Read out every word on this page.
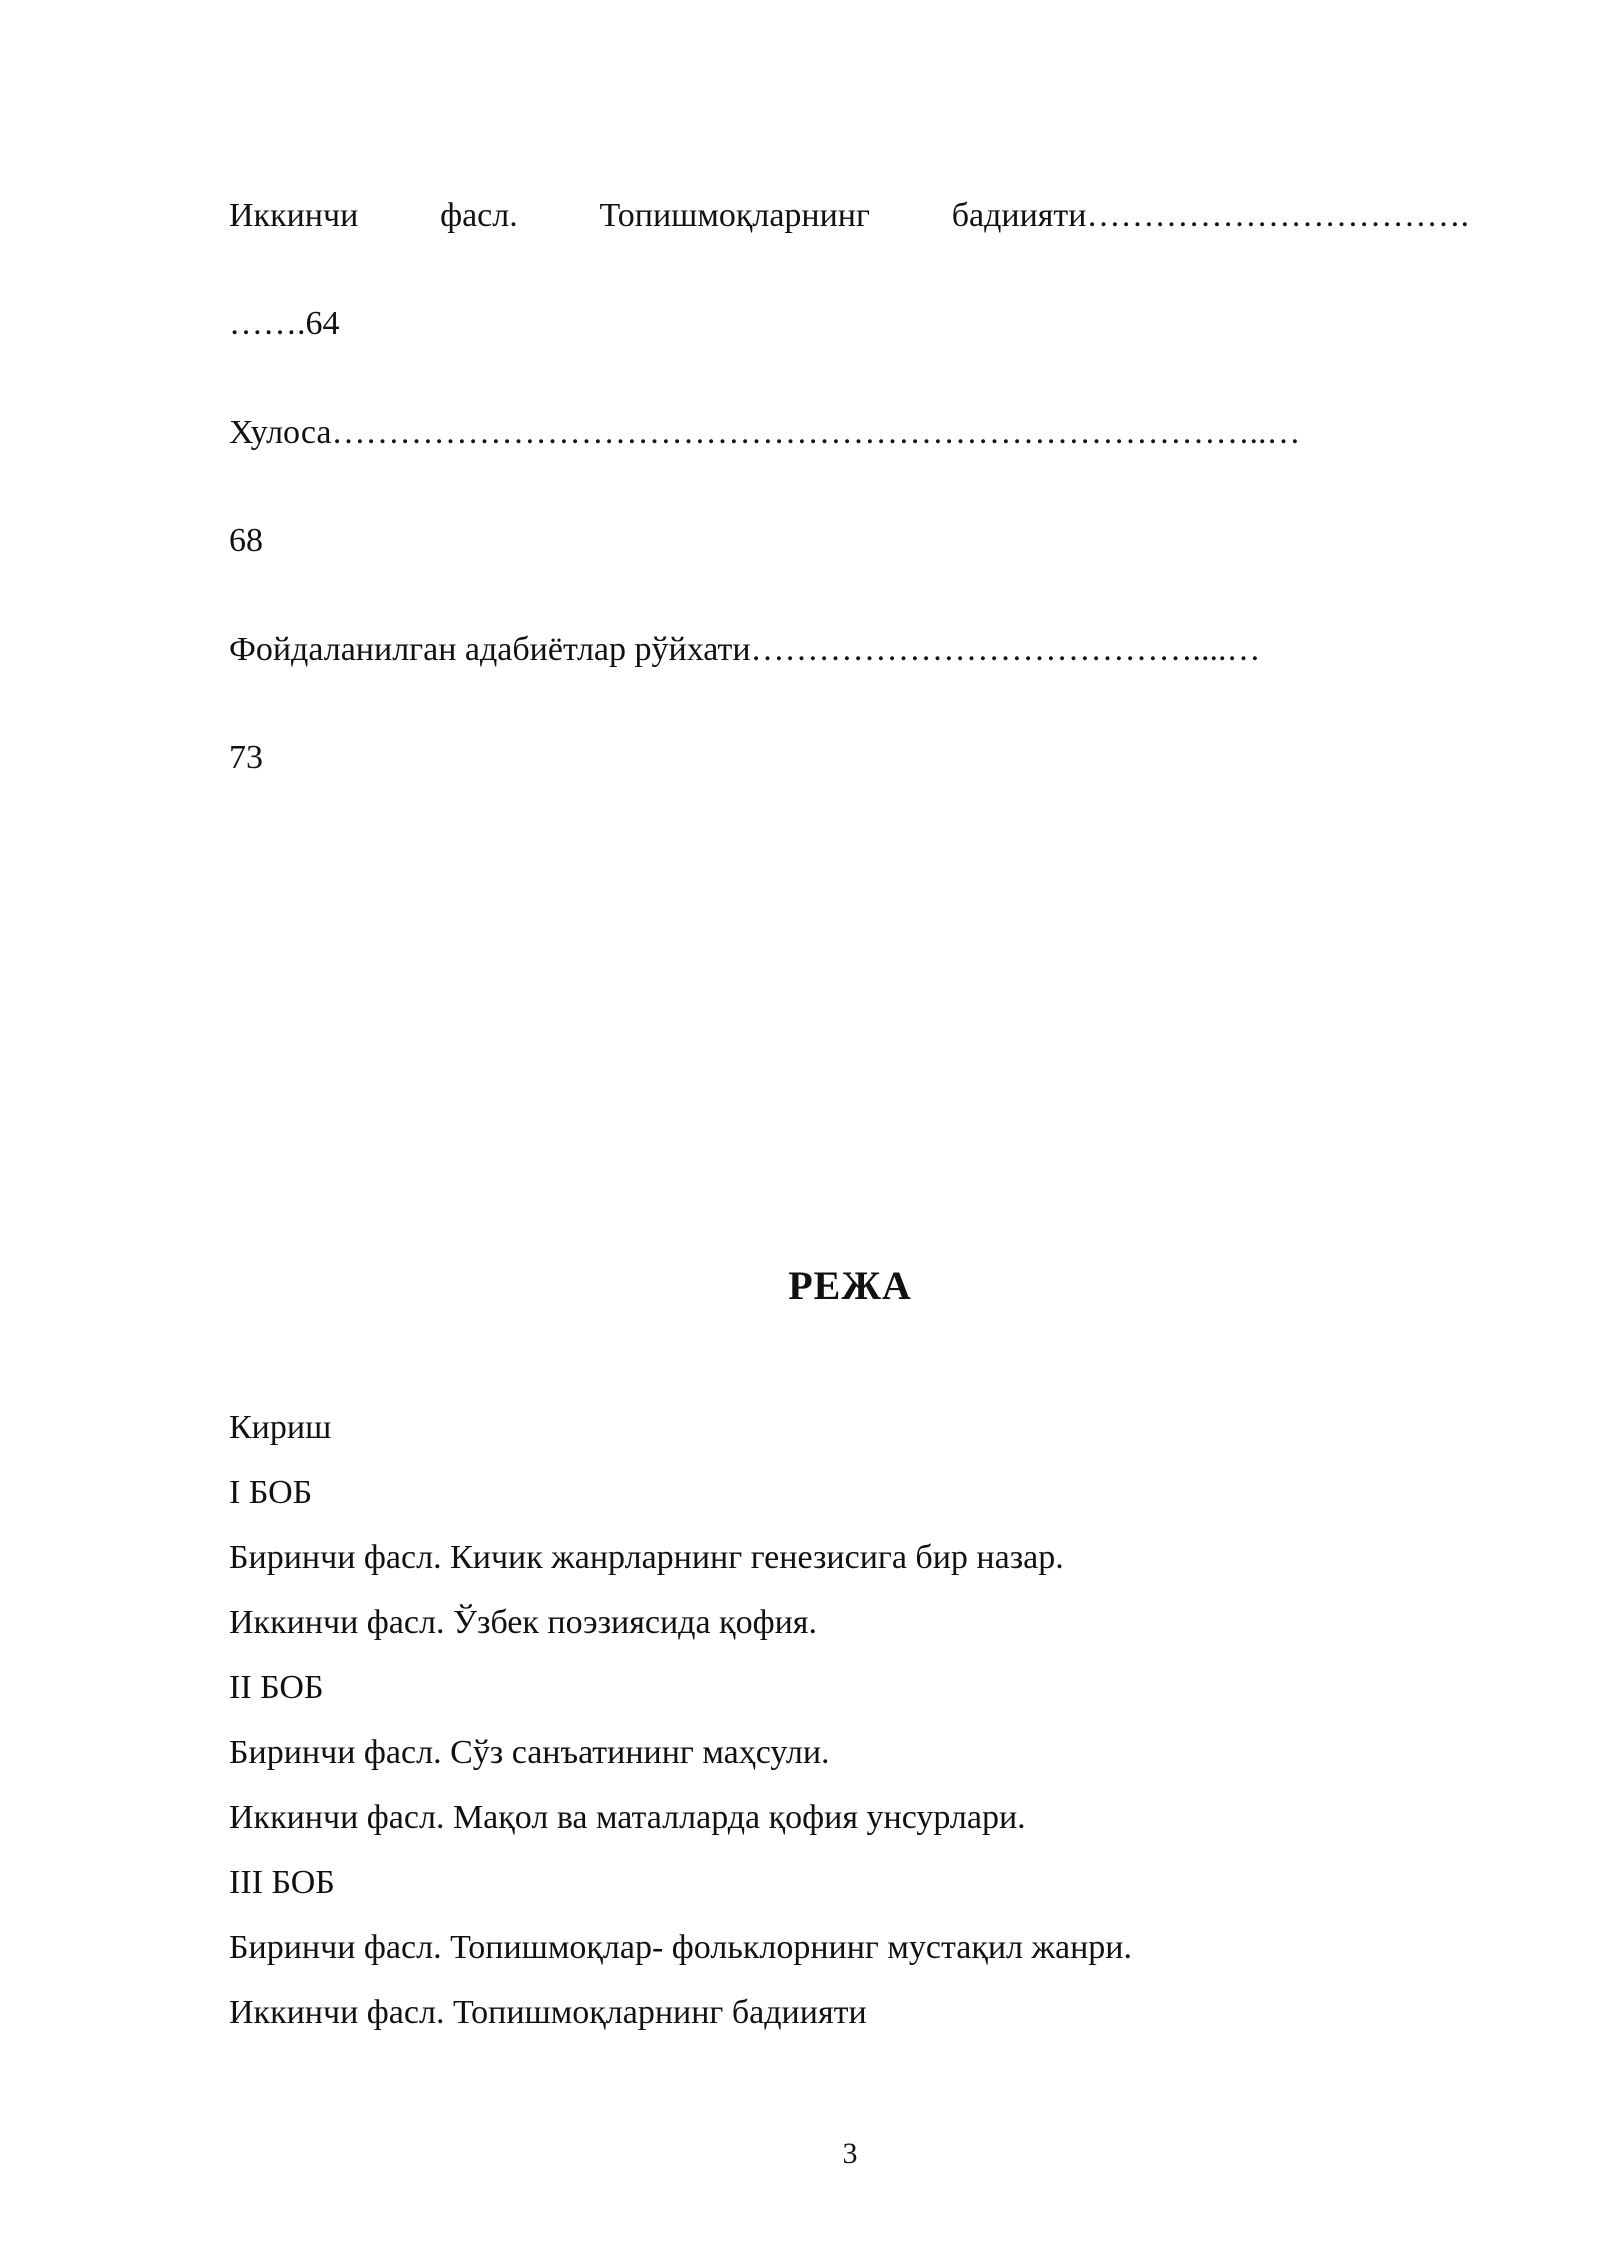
Иккинчи фасл. Топишмоқларнинг бадиияти…………………………….
…….64
Хулоса………………………………………………………………………..…
68
Фойдаланилган адабиётлар рўйхати…………………………………....…
73
РЕЖА
Кириш
I БОБ
Биринчи фасл. Кичик жанрларнинг генезисига бир назар.
Иккинчи фасл. Ўзбек поэзиясида қофия.
II БОБ
Биринчи фасл. Сўз санъатининг маҳсули.
Иккинчи фасл. Мақол ва маталларда қофия унсурлари.
III БОБ
Биринчи фасл. Топишмоқлар- фольклорнинг мустақил жанри.
Иккинчи фасл. Топишмоқларнинг бадиияти
3
